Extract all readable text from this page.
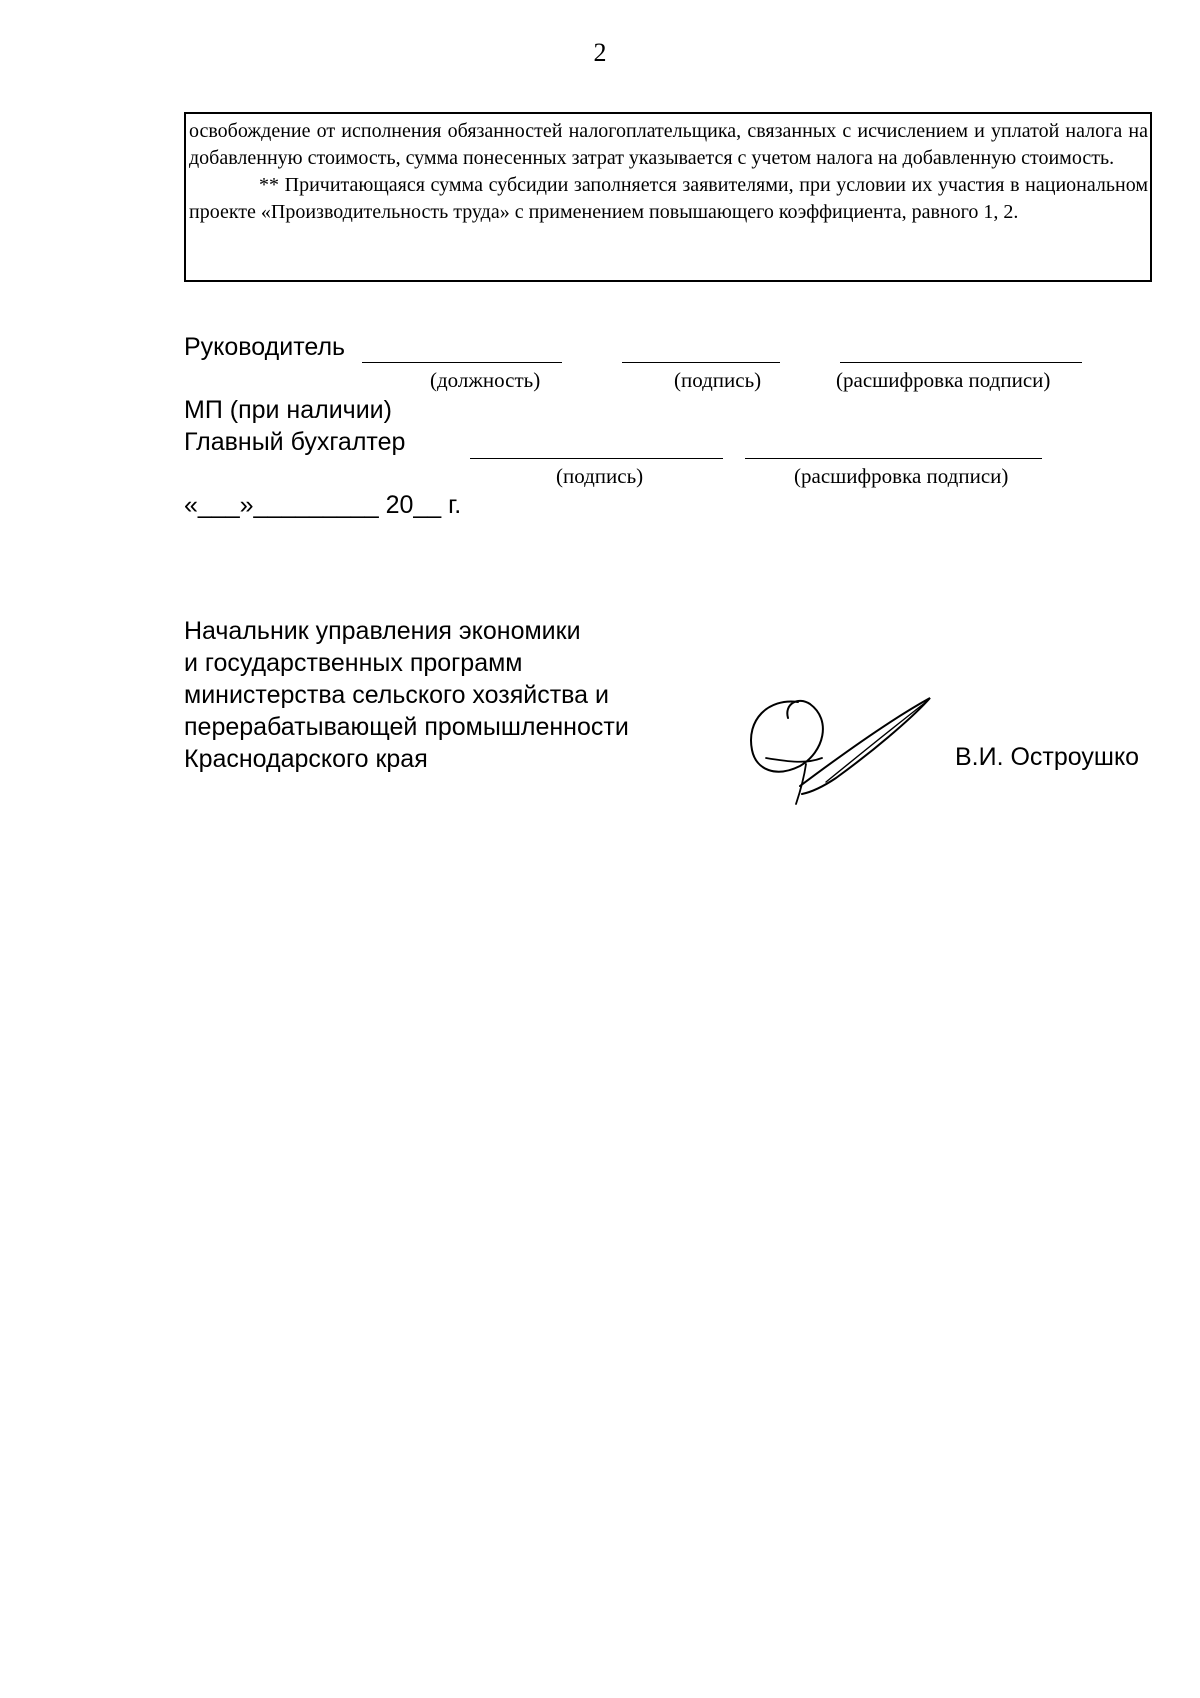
2

освобождение от исполнения обязанностей налогоплательщика, связанных с исчислением и уплатой налога на добавленную стоимость, сумма понесенных затрат указывается с учетом налога на добавленную стоимость.

** Причитающаяся сумма субсидии заполняется заявителями, при условии их участия в национальном проекте «Производительность труда» с применением повышающего коэффициента, равного 1, 2.

Руководитель
(должность)	(подпись)	(расшифровка подписи)
МП (при наличии)
Главный бухгалтер
(подпись)	(расшифровка подписи)
«___»_________ 20__ г.
Начальник управления экономики
и государственных программ
министерства сельского хозяйства и
перерабатывающей промышленности
Краснодарского края	В.И. Остроушко
